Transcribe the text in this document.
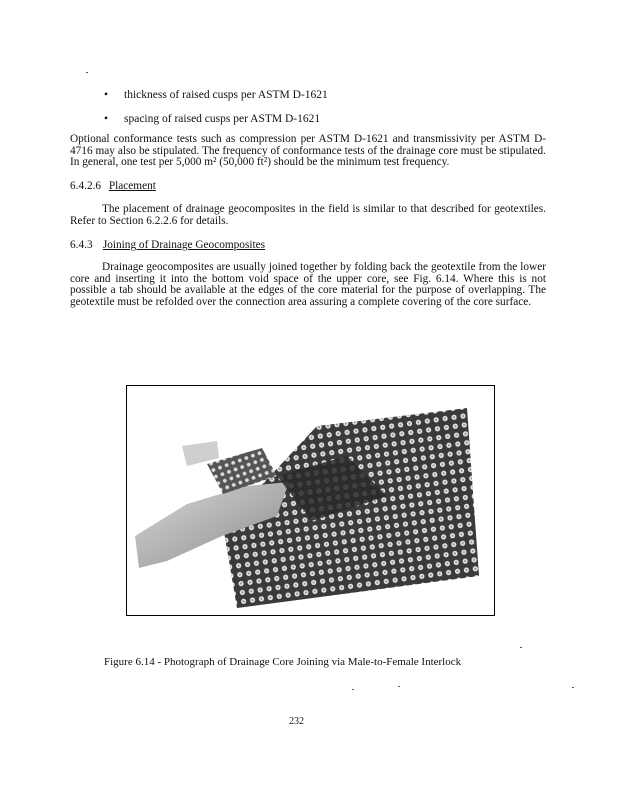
•	thickness of raised cusps per ASTM D-1621
•	spacing of raised cusps per ASTM D-1621

Optional conformance tests such as compression per ASTM D-1621 and transmissivity per ASTM D-4716 may also be stipulated. The frequency of conformance tests of the drainage core must be stipulated. In general, one test per 5,000 m² (50,000 ft²) should be the minimum test frequency.

6.4.2.6 Placement

The placement of drainage geocomposites in the field is similar to that described for geotextiles. Refer to Section 6.2.2.6 for details.

6.4.3 Joining of Drainage Geocomposites

Drainage geocomposites are usually joined together by folding back the geotextile from the lower core and inserting it into the bottom void space of the upper core, see Fig. 6.14. Where this is not possible a tab should be available at the edges of the core material for the purpose of overlapping. The geotextile must be refolded over the connection area assuring a complete covering of the core surface.

Figure 6.14 - Photograph of Drainage Core Joining via Male-to-Female Interlock
232
